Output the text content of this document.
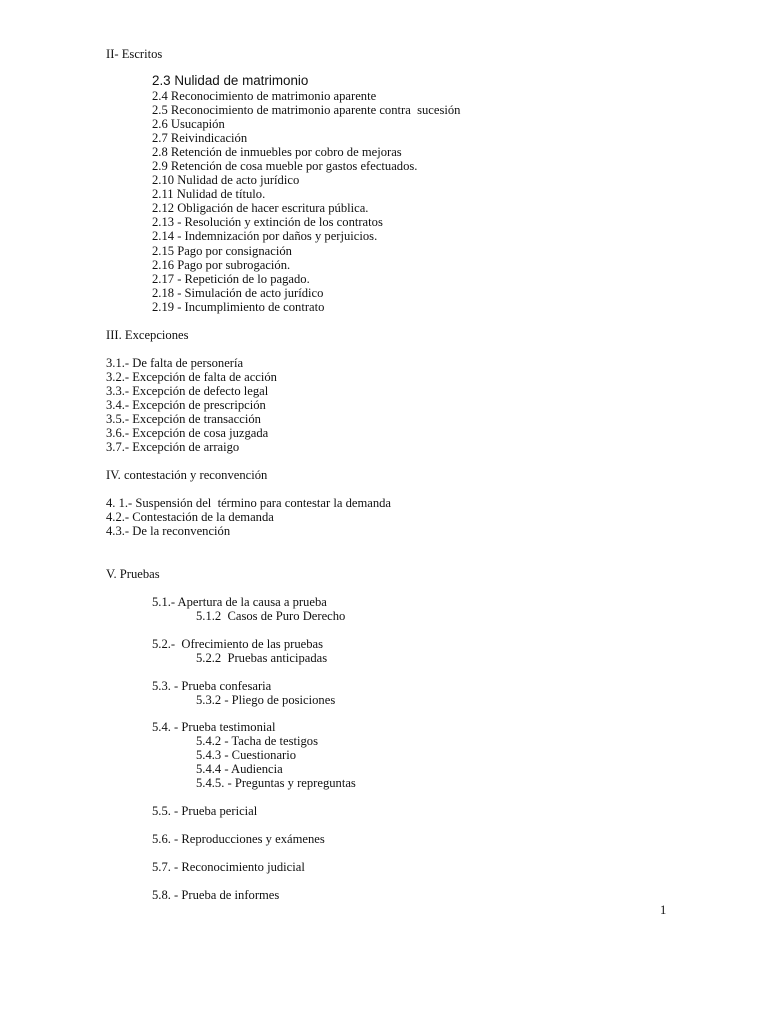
II- Escritos
2.3 Nulidad de matrimonio
2.4 Reconocimiento de matrimonio aparente
2.5 Reconocimiento de matrimonio aparente contra  sucesión
2.6 Usucapión
2.7 Reivindicación
2.8 Retención de inmuebles por cobro de mejoras
2.9 Retención de cosa mueble por gastos efectuados.
2.10 Nulidad de acto jurídico
2.11 Nulidad de título.
2.12 Obligación de hacer escritura pública.
2.13 - Resolución y extinción de los contratos
2.14 - Indemnización por daños y perjuicios.
2.15 Pago por consignación
2.16 Pago por subrogación.
2.17 - Repetición de lo pagado.
2.18 - Simulación de acto jurídico
2.19 - Incumplimiento de contrato
III. Excepciones
3.1.- De falta de personería
3.2.- Excepción de falta de acción
3.3.- Excepción de defecto legal
3.4.- Excepción de prescripción
3.5.- Excepción de transacción
3.6.- Excepción de cosa juzgada
3.7.- Excepción de arraigo
IV. contestación y reconvención
4. 1.- Suspensión del  término para contestar la demanda
4.2.- Contestación de la demanda
4.3.- De la reconvención
V. Pruebas
5.1.- Apertura de la causa a prueba
5.1.2  Casos de Puro Derecho
5.2.-  Ofrecimiento de las pruebas
5.2.2  Pruebas anticipadas
5.3. - Prueba confesaria
5.3.2 - Pliego de posiciones
5.4. - Prueba testimonial
5.4.2 - Tacha de testigos
5.4.3 - Cuestionario
5.4.4 - Audiencia
5.4.5. - Preguntas y repreguntas
5.5. - Prueba pericial
5.6. - Reproducciones y exámenes
5.7. - Reconocimiento judicial
5.8. - Prueba de informes
1
